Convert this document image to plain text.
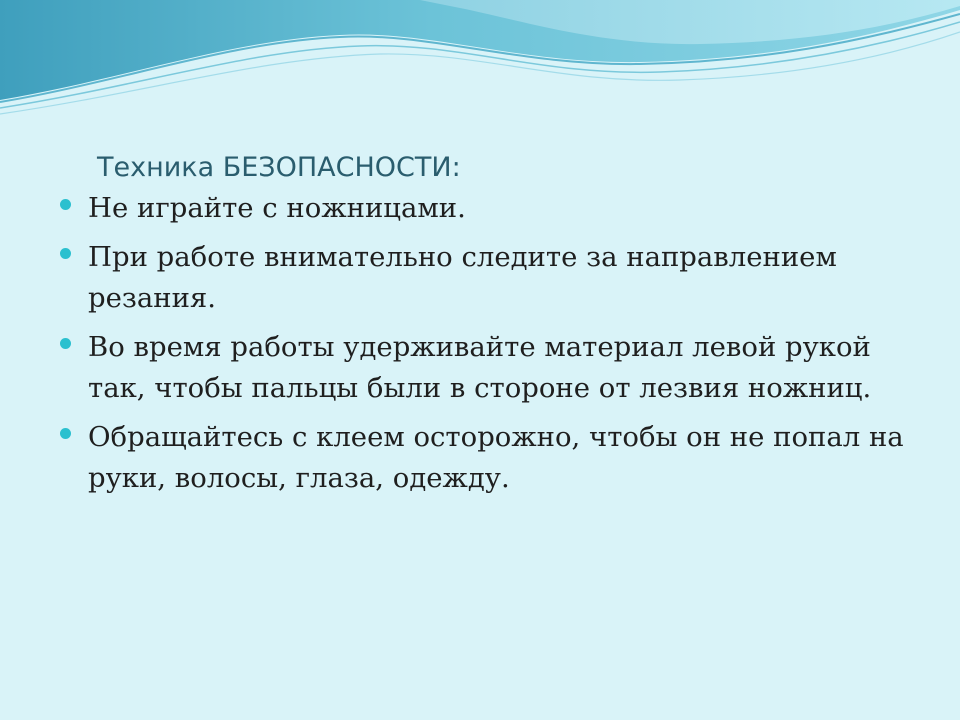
Техника БЕЗОПАСНОСТИ:
Не играйте с ножницами.
При работе внимательно следите за направлением резания.
Во время работы удерживайте материал левой рукой так, чтобы пальцы были в стороне от лезвия ножниц.
Обращайтесь с клеем осторожно, чтобы он не попал на руки, волосы, глаза, одежду.
